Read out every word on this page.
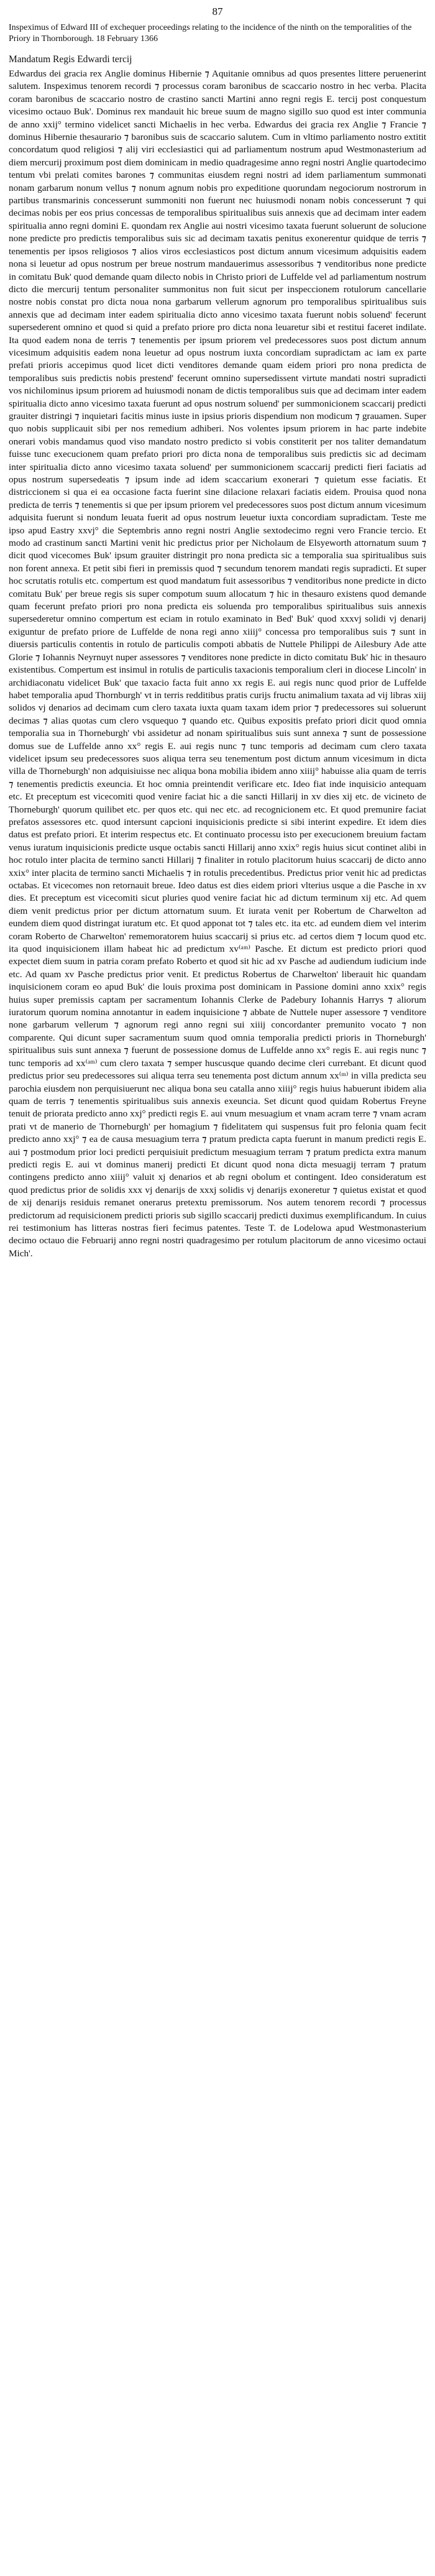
87
Inspeximus of Edward III of exchequer proceedings relating to the incidence of the ninth on the temporalities of the Priory in Thornborough. 18 February 1366
Mandatum Regis Edwardi tercij

Edwardus dei gracia rex Anglie dominus Hibernie ⁊ Aquitanie omnibus ad quos presentes littere peruenerint salutem. Inspeximus tenorem recordi ⁊ processus coram baronibus de scaccario nostro in hec verba. Placita coram baronibus de scaccario nostro de crastino sancti Martini anno regni regis E. tercij post conquestum vicesimo octauo Buk'. Dominus rex mandauit hic breue suum de magno sigillo suo quod est inter communia de anno xxij° termino videlicet sancti Michaelis in hec verba. Edwardus dei gracia rex Anglie ⁊ Francie ⁊ dominus Hibernie thesaurario ⁊ baronibus suis de scaccario salutem. Cum in vltimo parliamento nostro extitit concordatum quod religiosi ⁊ alij viri ecclesiastici qui ad parliamentum nostrum apud Westmonasterium ad diem mercurij proximum post diem dominicam in medio quadragesime anno regni nostri Anglie quartodecimo tentum vbi prelati comites barones ⁊ communitas eiusdem regni nostri ad idem parliamentum summonati nonam garbarum nonum vellus ⁊ nonum agnum nobis pro expeditione quorundam negociorum nostrorum in partibus transmarinis concesserunt summoniti non fuerunt nec huiusmodi nonam nobis concesserunt ⁊ qui decimas nobis per eos prius concessas de temporalibus spiritualibus suis annexis que ad decimam inter eadem spiritualia anno regni domini E. quondam rex Anglie aui nostri vicesimo taxata fuerunt soluerunt de solucione none predicte pro predictis temporalibus suis sic ad decimam taxatis penitus exonerentur quidque de terris ⁊ tenementis per ipsos religiosos ⁊ alios viros ecclesiasticos post dictum annum vicesimum adquisitis eadem nona si leuetur ad opus nostrum per breue nostrum mandauerimus assessoribus ⁊ venditoribus none predicte in comitatu Buk' quod demande quam dilecto nobis in Christo priori de Luffelde vel ad parliamentum nostrum dicto die mercurij tentum personaliter summonitus non fuit sicut per inspeccionem rotulorum cancellarie nostre nobis constat pro dicta noua nona garbarum vellerum agnorum pro temporalibus spiritualibus suis annexis que ad decimam inter eadem spiritualia dicto anno vicesimo taxata fuerunt nobis soluend' fecerunt supersederent omnino et quod si quid a prefato priore pro dicta nona leuaretur sibi et restitui faceret indilate. Ita quod eadem nona de terris ⁊ tenementis per ipsum priorem vel predecessores suos post dictum annum vicesimum adquisitis eadem nona leuetur ad opus nostrum iuxta concordiam supradictam ac iam ex parte prefati prioris accepimus quod licet dicti venditores demande quam eidem priori pro nona predicta de temporalibus suis predictis nobis prestend' fecerunt omnino supersedissent virtute mandati nostri supradicti vos nichilominus ipsum priorem ad huiusmodi nonam de dictis temporalibus suis que ad decimam inter eadem spiritualia dicto anno vicesimo taxata fuerunt ad opus nostrum soluend' per summonicionem scaccarij predicti grauiter distringi ⁊ inquietari facitis minus iuste in ipsius prioris dispendium non modicum ⁊ grauamen. Super quo nobis supplicauit sibi per nos remedium adhiberi. Nos volentes ipsum priorem in hac parte indebite onerari vobis mandamus quod viso mandato nostro predicto si vobis constiterit per nos taliter demandatum fuisse tunc execucionem quam prefato priori pro dicta nona de temporalibus suis predictis sic ad decimam inter spiritualia dicto anno vicesimo taxata soluend' per summonicionem scaccarij predicti fieri faciatis ad opus nostrum supersedeatis ⁊ ipsum inde ad idem scaccarium exonerari ⁊ quietum esse faciatis. Et districcionem si qua ei ea occasione facta fuerint sine dilacione relaxari faciatis eidem. Prouisa quod nona predicta de terris ⁊ tenementis si que per ipsum priorem vel predecessores suos post dictum annum vicesimum adquisita fuerunt si nondum leuata fuerit ad opus nostrum leuetur iuxta concordiam supradictam. Teste me ipso apud Eastry xxvj° die Septembris anno regni nostri Anglie sextodecimo regni vero Francie tercio. Et modo ad crastinum sancti Martini venit hic predictus prior per Nicholaum de Elsyeworth attornatum suum ⁊ dicit quod vicecomes Buk' ipsum grauiter distringit pro nona predicta sic a temporalia sua spiritualibus suis non forent annexa. Et petit sibi fieri in premissis quod ⁊ secundum tenorem mandati regis supradicti. Et super hoc scrutatis rotulis etc. compertum est quod mandatum fuit assessoribus ⁊ venditoribus none predicte in dicto comitatu Buk' per breue regis sis super compotum suum allocatum ⁊ hic in thesauro existens quod demande quam fecerunt prefato priori pro nona predicta eis soluenda pro temporalibus spiritualibus suis annexis supersederetur omnino compertum est eciam in rotulo examinato in Bed' Buk' quod xxxvj solidi vj denarij exiguntur de prefato priore de Luffelde de nona regi anno xiiij° concessa pro temporalibus suis ⁊ sunt in diuersis particulis contentis in rotulo de particulis compoti abbatis de Nuttele Philippi de Ailesbury Ade atte Glorie ⁊ Iohannis Neyrnuyt nuper assessores ⁊ venditores none predicte in dicto comitatu Buk' hic in thesauro existentibus. Compertum est insimul in rotulis de particulis taxacionis temporalium cleri in diocese Lincoln' in archidiaconatu videlicet Buk' que taxacio facta fuit anno xx regis E. aui regis nunc quod prior de Luffelde habet temporalia apud Thornburgh' vt in terris redditibus pratis curijs fructu animalium taxata ad vij libras xiij solidos vj denarios ad decimam cum clero taxata iuxta quam taxam idem prior ⁊ predecessores sui soluerunt decimas ⁊ alias quotas cum clero vsquequo ⁊ quando etc. Quibus expositis prefato priori dicit quod omnia temporalia sua in Thorneburgh' vbi assidetur ad nonam spiritualibus suis sunt annexa ⁊ sunt de possessione domus sue de Luffelde anno xx° regis E. aui regis nunc ⁊ tunc temporis ad decimam cum clero taxata videlicet ipsum seu predecessores suos aliqua terra seu tenementum post dictum annum vicesimum in dicta villa de Thorneburgh' non adquisiuisse nec aliqua bona mobilia ibidem anno xiiij° habuisse alia quam de terris ⁊ tenementis predictis exeuncia. Et hoc omnia preintendit verificare etc. Ideo fiat inde inquisicio antequam etc. Et preceptum est vicecomiti quod venire faciat hic a die sancti Hillarij in xv dies xij etc. de vicineto de Thorneburgh' quorum quilibet etc. per quos etc. qui nec etc. ad recognicionem etc. Et quod premunire faciat prefatos assessores etc. quod intersunt capcioni inquisicionis predicte si sibi interint expedire. Et idem dies datus est prefato priori. Et interim respectus etc. Et continuato processu isto per execucionem breuium factam venus iuratum inquisicionis predicte usque octabis sancti Hillarij anno xxix° regis huius sicut continet alibi in hoc rotulo inter placita de termino sancti Hillarij ⁊ finaliter in rotulo placitorum huius scaccarij de dicto anno xxix° inter placita de termino sancti Michaelis ⁊ in rotulis precedentibus. Predictus prior venit hic ad predictas octabas. Et vicecomes non retornauit breue. Ideo datus est dies eidem priori vlterius usque a die Pasche in xv dies. Et preceptum est vicecomiti sicut pluries quod venire faciat hic ad dictum terminum xij etc. Ad quem diem venit predictus prior per dictum attornatum suum. Et iurata venit per Robertum de Charwelton ad eundem diem quod distringat iuratum etc. Et quod apponat tot ⁊ tales etc. ita etc. ad eundem diem vel interim coram Roberto de Charwelton' rememoratorem huius scaccarij si prius etc. ad certos diem ⁊ locum quod etc. ita quod inquisicionem illam habeat hic ad predictum xv⁽ᵃᵐ⁾ Pasche. Et dictum est predicto priori quod expectet diem suum in patria coram prefato Roberto et quod sit hic ad xv Pasche ad audiendum iudicium inde etc. Ad quam xv Pasche predictus prior venit. Et predictus Robertus de Charwelton' liberauit hic quandam inquisicionem coram eo apud Buk' die louis proxima post dominicam in Passione domini anno xxix° regis huius super premissis captam per sacramentum Iohannis Clerke de Padebury Iohannis Harrys ⁊ aliorum iuratorum quorum nomina annotantur in eadem inquisicione ⁊ abbate de Nuttele nuper assessore ⁊ venditore none garbarum vellerum ⁊ agnorum regi anno regni sui xiiij concordanter premunito vocato ⁊ non comparente. Qui dicunt super sacramentum suum quod omnia temporalia predicti prioris in Thorneburgh' spiritualibus suis sunt annexa ⁊ fuerunt de possessione domus de Luffelde anno xx° regis E. aui regis nunc ⁊ tunc temporis ad xx⁽ᵃᵐ⁾ cum clero taxata ⁊ semper huscusque quando decime cleri currebant. Et dicunt quod predictus prior seu predecessores sui aliqua terra seu tenementa post dictum annum xx⁽ᵐ⁾ in villa predicta seu parochia eiusdem non perquisiuerunt nec aliqua bona seu catalla anno xiiij° regis huius habuerunt ibidem alia quam de terris ⁊ tenementis spiritualibus suis annexis exeuncia. Set dicunt quod quidam Robertus Freyne tenuit de priorata predicto anno xxj° predicti regis E. aui vnum mesuagium et vnam acram terre ⁊ vnam acram prati vt de manerio de Thorneburgh' per homagium ⁊ fidelitatem qui suspensus fuit pro felonia quam fecit predicto anno xxj° ⁊ ea de causa mesuagium terra ⁊ pratum predicta capta fuerunt in manum predicti regis E. aui ⁊ postmodum prior loci predicti perquisiuit predictum mesuagium terram ⁊ pratum predicta extra manum predicti regis E. aui vt dominus manerij predicti Et dicunt quod nona dicta mesuagij terram ⁊ pratum contingens predicto anno xiiij° valuit xj denarios et ab regni obolum et contingent. Ideo consideratum est quod predictus prior de solidis xxx vj denarijs de xxxj solidis vj denarijs exoneretur ⁊ quietus existat et quod de xij denarijs residuis remanet onerarus pretextu premissorum. Nos autem tenorem recordi ⁊ processus predictorum ad requisicionem predicti prioris sub sigillo scaccarij predicti duximus exemplificandum. In cuius rei testimonium has litteras nostras fieri fecimus patentes. Teste T. de Lodelowa apud Westmonasterium decimo octauo die Februarij anno regni nostri quadragesimo per rotulum placitorum de anno vicesimo octaui Mich'.
